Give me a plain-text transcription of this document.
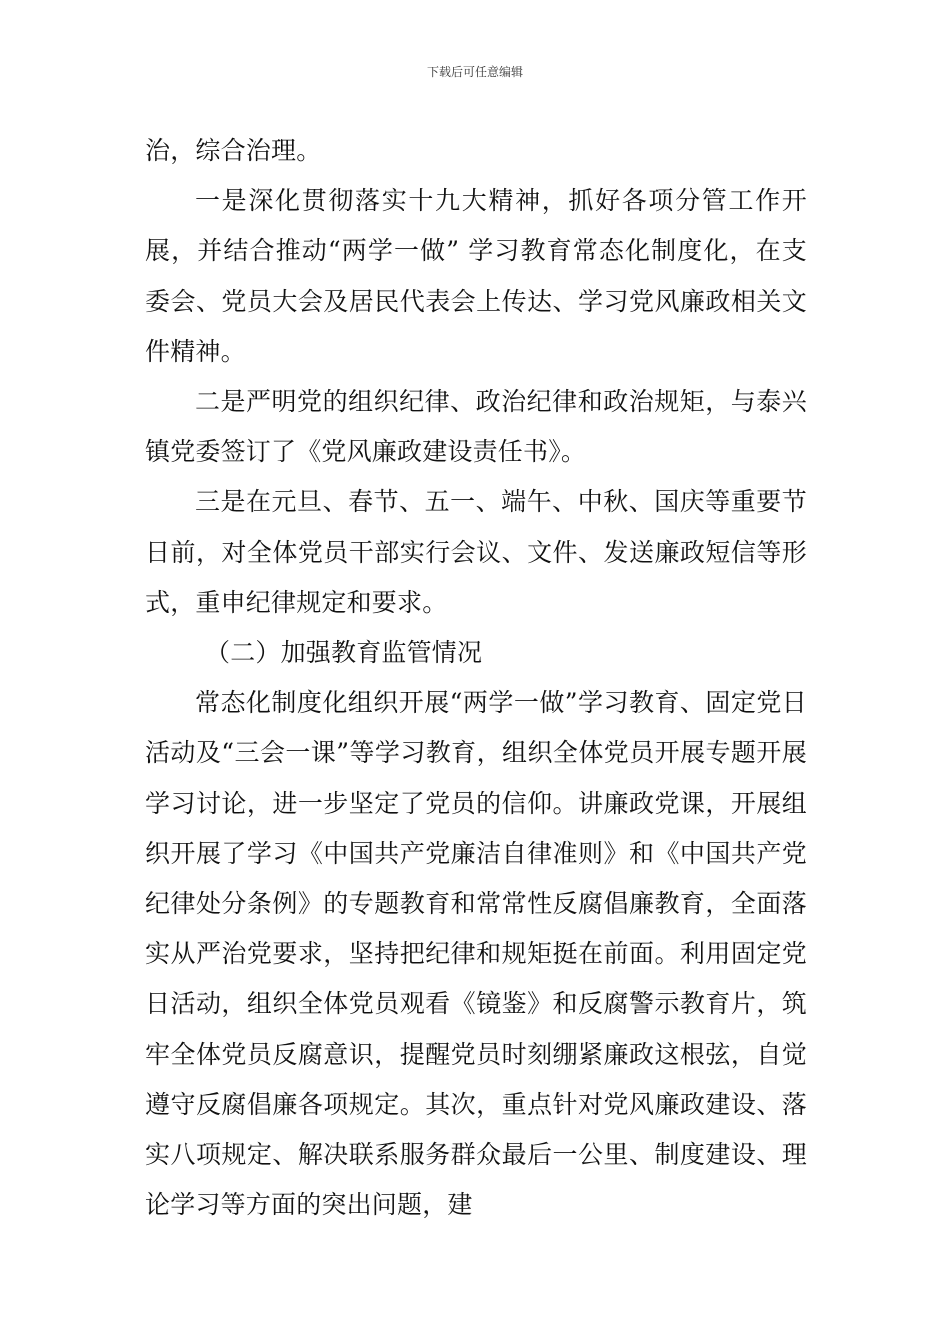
下载后可任意编辑

治，综合治理。

一是深化贯彻落实十九大精神，抓好各项分管工作开展，并结合推动“两学一做” 学习教育常态化制度化，在支委会、党员大会及居民代表会上传达、学习党风廉政相关文件精神。

二是严明党的组织纪律、政治纪律和政治规矩，与泰兴镇党委签订了《党风廉政建设责任书》。

三是在元旦、春节、五一、端午、中秋、国庆等重要节日前，对全体党员干部实行会议、文件、发送廉政短信等形式，重申纪律规定和要求。

（二）加强教育监管情况

常态化制度化组织开展“两学一做”学习教育、固定党日活动及“三会一课”等学习教育，组织全体党员开展专题开展学习讨论，进一步坚定了党员的信仰。讲廉政党课，开展组织开展了学习《中国共产党廉洁自律准则》和《中国共产党纪律处分条例》的专题教育和常常性反腐倡廉教育，全面落实从严治党要求，坚持把纪律和规矩挺在前面。利用固定党日活动，组织全体党员观看《镜鉴》和反腐警示教育片，筑牢全体党员反腐意识，提醒党员时刻绷紧廉政这根弦，自觉遵守反腐倡廉各项规定。其次，重点针对党风廉政建设、落实八项规定、解决联系服务群众最后一公里、制度建设、理论学习等方面的突出问题，建
